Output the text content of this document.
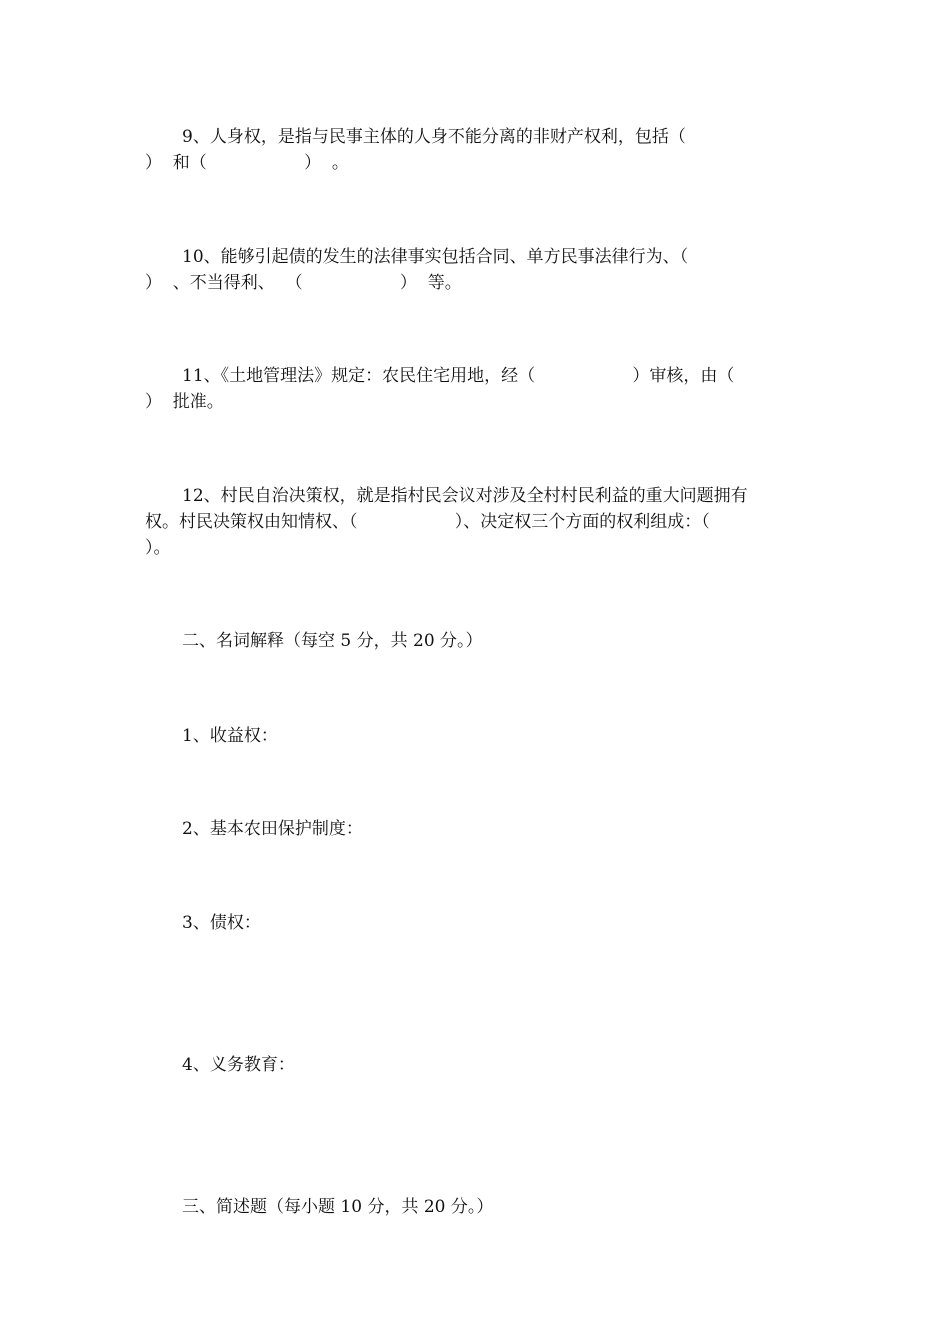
9、人身权，是指与民事主体的人身不能分离的非财产权利，包括（
）  和（                  ）  。
10、能够引起债的发生的法律事实包括合同、单方民事法律行为、（
）  、不当得利、  （                  ）  等。
11、《土地管理法》规定：农民住宅用地，经（                  ）审核，由（
）  批准。
12、村民自治决策权，就是指村民会议对涉及全村村民利益的重大问题拥有
权。村民决策权由知情权、（                  ）、决定权三个方面的权利组成：（
）。
二、名词解释（每空 5 分，共 20 分。）
1、收益权：
2、基本农田保护制度：
3、债权：
4、义务教育：
三、简述题（每小题 10 分，共 20 分。）
